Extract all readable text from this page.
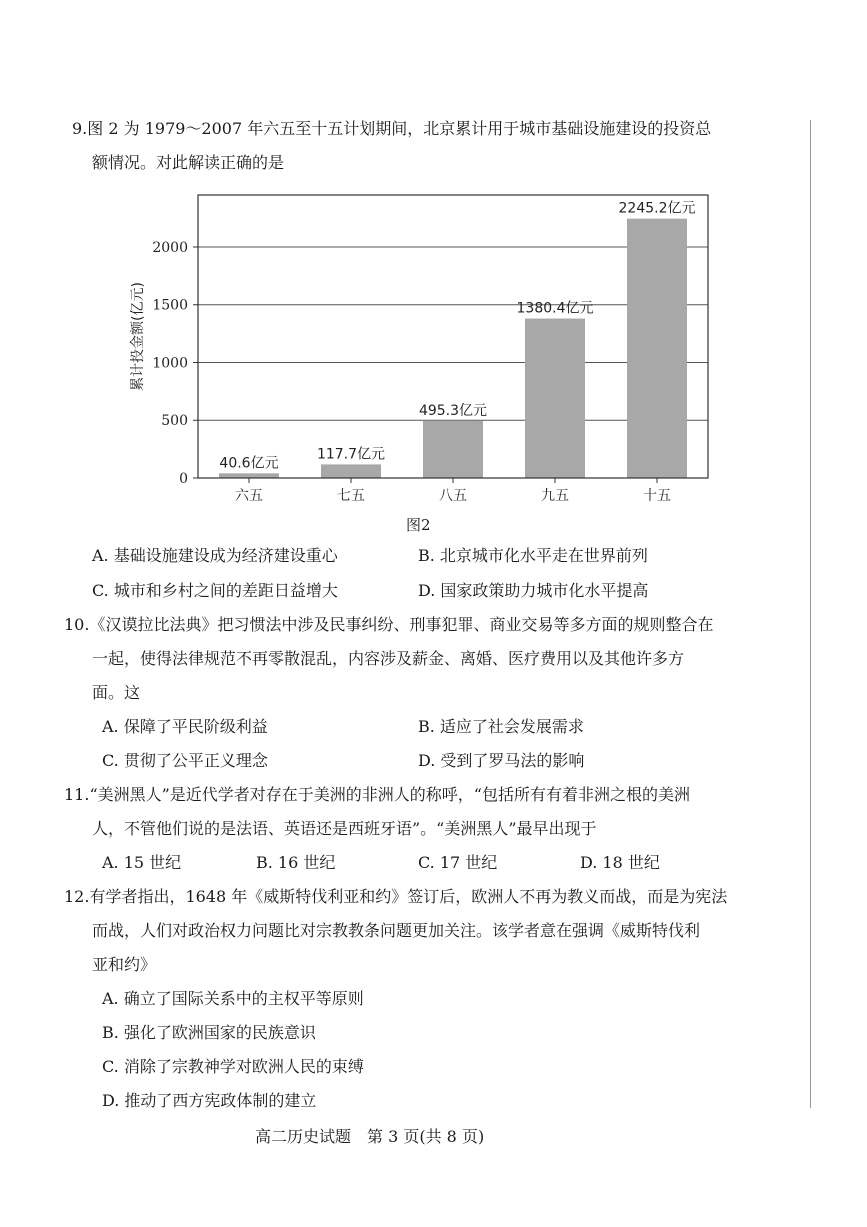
9.图 2 为 1979～2007 年六五至十五计划期间，北京累计用于城市基础设施建设的投资总
额情况。对此解读正确的是
0
500
1000
1500
2000
40.6亿元
六五
117.7亿元
七五
495.3亿元
八五
1380.4亿元
九五
2245.2亿元
十五
累计投金额(亿元)
图2
A. 基础设施建设成为经济建设重心	B. 北京城市化水平走在世界前列
C. 城市和乡村之间的差距日益增大	D. 国家政策助力城市化水平提高
10.《汉谟拉比法典》把习惯法中涉及民事纠纷、刑事犯罪、商业交易等多方面的规则整合在
一起，使得法律规范不再零散混乱，内容涉及薪金、离婚、医疗费用以及其他许多方
面。这
A. 保障了平民阶级利益	B. 适应了社会发展需求
C. 贯彻了公平正义理念	D. 受到了罗马法的影响
11.“美洲黑人”是近代学者对存在于美洲的非洲人的称呼，“包括所有有着非洲之根的美洲
人，不管他们说的是法语、英语还是西班牙语”。“美洲黑人”最早出现于
A. 15 世纪	B. 16 世纪	C. 17 世纪	D. 18 世纪
12.有学者指出，1648 年《威斯特伐利亚和约》签订后，欧洲人不再为教义而战，而是为宪法
而战，人们对政治权力问题比对宗教教条问题更加关注。该学者意在强调《威斯特伐利
亚和约》
A. 确立了国际关系中的主权平等原则
B. 强化了欧洲国家的民族意识
C. 消除了宗教神学对欧洲人民的束缚
D. 推动了西方宪政体制的建立
高二历史试题　第 3 页(共 8 页)
